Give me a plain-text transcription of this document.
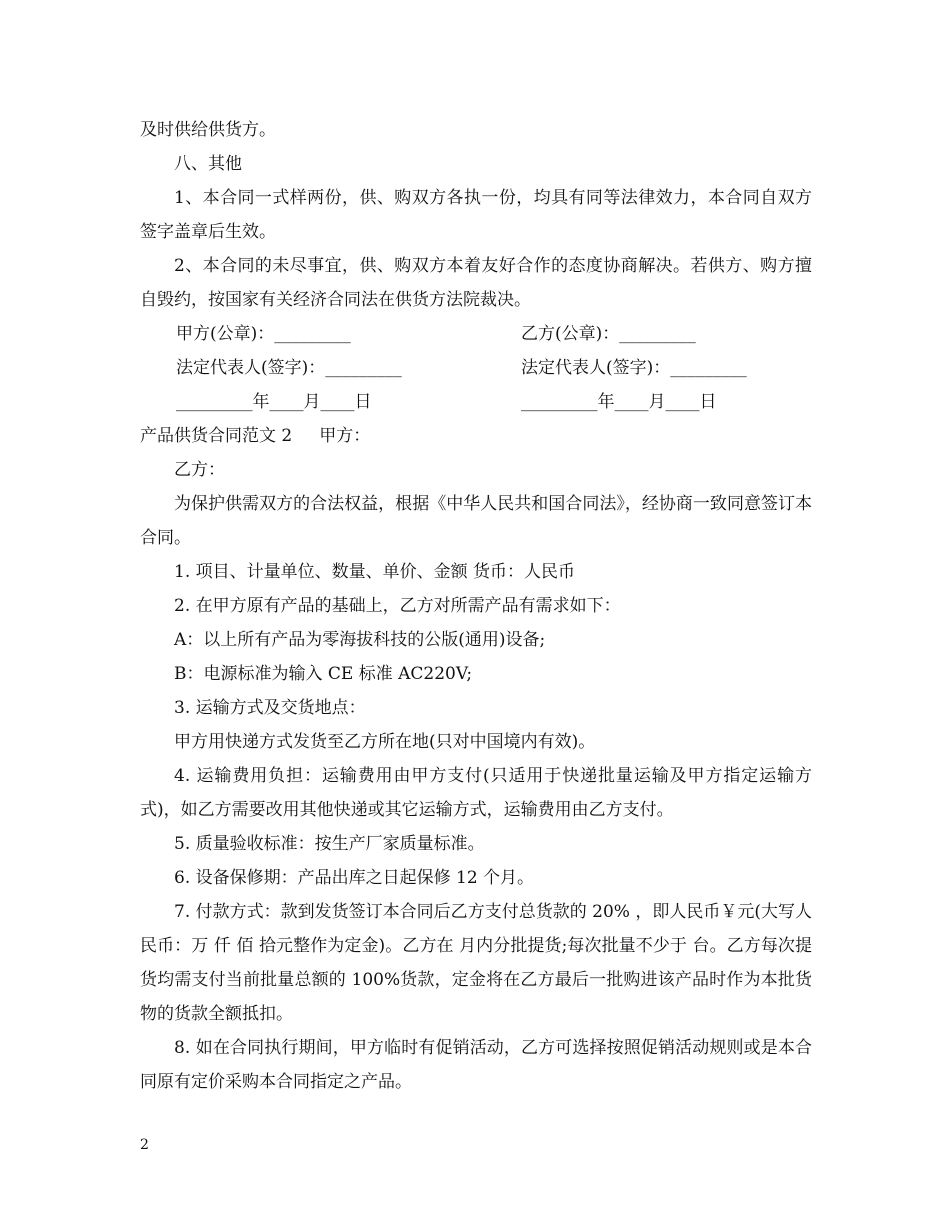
及时供给供货方。

八、其他

1、本合同一式样两份，供、购双方各执一份，均具有同等法律效力，本合同自双方签字盖章后生效。

2、本合同的未尽事宜，供、购双方本着友好合作的态度协商解决。若供方、购方擅自毁约，按国家有关经济合同法在供货方法院裁决。

甲方(公章)：_________	乙方(公章)：_________
法定代表人(签字)：_________	法定代表人(签字)：_________
_________年____月____日	_________年____月____日

产品供货合同范文 2     甲方：

乙方：

为保护供需双方的合法权益，根据《中华人民共和国合同法》，经协商一致同意签订本合同。

1. 项目、计量单位、数量、单价、金额 货币：人民币

2. 在甲方原有产品的基础上，乙方对所需产品有需求如下：

A：以上所有产品为零海拔科技的公版(通用)设备;

B：电源标准为输入 CE 标准 AC220V;

3. 运输方式及交货地点：

甲方用快递方式发货至乙方所在地(只对中国境内有效)。

4. 运输费用负担：运输费用由甲方支付(只适用于快递批量运输及甲方指定运输方式)，如乙方需要改用其他快递或其它运输方式，运输费用由乙方支付。

5. 质量验收标准：按生产厂家质量标准。

6. 设备保修期：产品出库之日起保修 12 个月。

7. 付款方式：款到发货签订本合同后乙方支付总货款的 20% ，即人民币￥元(大写人民币：万 仟 佰 拾元整作为定金)。乙方在 月内分批提货;每次批量不少于 台。乙方每次提货均需支付当前批量总额的 100%货款，定金将在乙方最后一批购进该产品时作为本批货物的货款全额抵扣。

8. 如在合同执行期间，甲方临时有促销活动，乙方可选择按照促销活动规则或是本合同原有定价采购本合同指定之产品。

2
